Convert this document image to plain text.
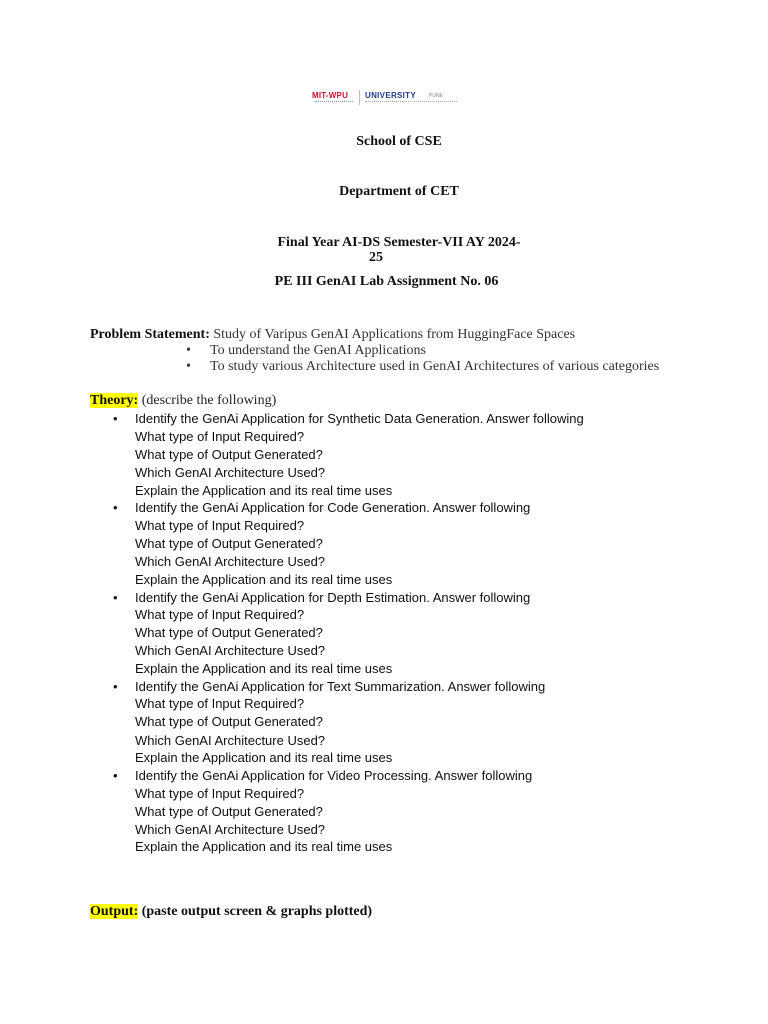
MIT-WPU UNIVERSITY	PUNE
School of CSE
Department of CET
Final Year AI-DS Semester-VII AY 2024-
25
PE III GenAI Lab Assignment No. 06
Problem Statement: Study of Varipus GenAI Applications from HuggingFace Spaces
• To understand the GenAI Applications
• To study various Architecture used in GenAI Architectures of various categories
Theory: (describe the following)
• Identify the GenAi Application for Synthetic Data Generation. Answer following
What type of Input Required?
What type of Output Generated?
Which GenAI Architecture Used?
Explain the Application and its real time uses
• Identify the GenAi Application for Code Generation. Answer following
What type of Input Required?
What type of Output Generated?
Which GenAI Architecture Used?
Explain the Application and its real time uses
• Identify the GenAi Application for Depth Estimation. Answer following
What type of Input Required?
What type of Output Generated?
Which GenAI Architecture Used?
Explain the Application and its real time uses
• Identify the GenAi Application for Text Summarization. Answer following
What type of Input Required?
What type of Output Generated?
Which GenAI Architecture Used?
Explain the Application and its real time uses
• Identify the GenAi Application for Video Processing. Answer following
What type of Input Required?
What type of Output Generated?
Which GenAI Architecture Used?
Explain the Application and its real time uses
Output: (paste output screen & graphs plotted)
